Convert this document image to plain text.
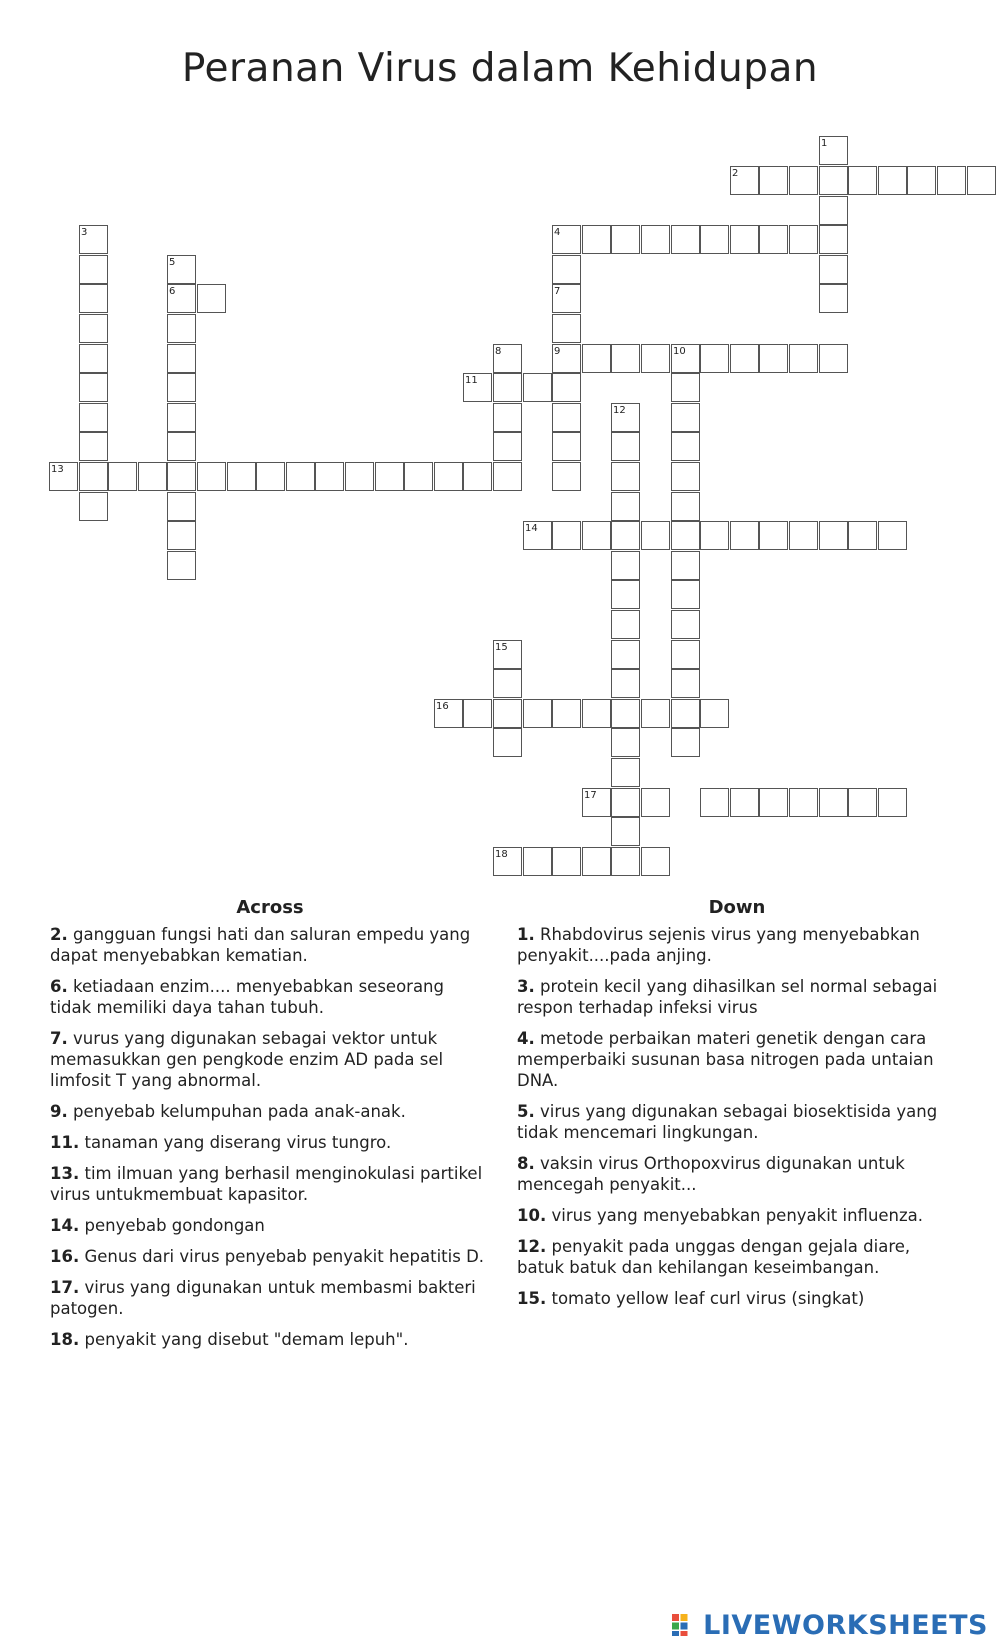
Peranan Virus dalam Kehidupan
1
2
3	4
5
6	7
8	9	10
11
12
13
14
15
16
17
18
Across

2. gangguan fungsi hati dan saluran empedu yang dapat menyebabkan kematian.

6. ketiadaan enzim.... menyebabkan seseorang tidak memiliki daya tahan tubuh.

7. vurus yang digunakan sebagai vektor untuk memasukkan gen pengkode enzim AD pada sel limfosit T yang abnormal.

9. penyebab kelumpuhan pada anak-anak.

11. tanaman yang diserang virus tungro.

13. tim ilmuan yang berhasil menginokulasi partikel virus untukmembuat kapasitor.

14. penyebab gondongan

16. Genus dari virus penyebab penyakit hepatitis D.

17. virus yang digunakan untuk membasmi bakteri patogen.

18. penyakit yang disebut "demam lepuh".

Down

1. Rhabdovirus sejenis virus yang menyebabkan penyakit....pada anjing.

3. protein kecil yang dihasilkan sel normal sebagai respon terhadap infeksi virus

4. metode perbaikan materi genetik dengan cara memperbaiki susunan basa nitrogen pada untaian DNA.

5. virus yang digunakan sebagai biosektisida yang tidak mencemari lingkungan.

8. vaksin virus Orthopoxvirus digunakan untuk mencegah penyakit...

10. virus yang menyebabkan penyakit influenza.

12. penyakit pada unggas dengan gejala diare, batuk batuk dan kehilangan keseimbangan.

15. tomato yellow leaf curl virus (singkat)

LIVEWORKSHEETS
